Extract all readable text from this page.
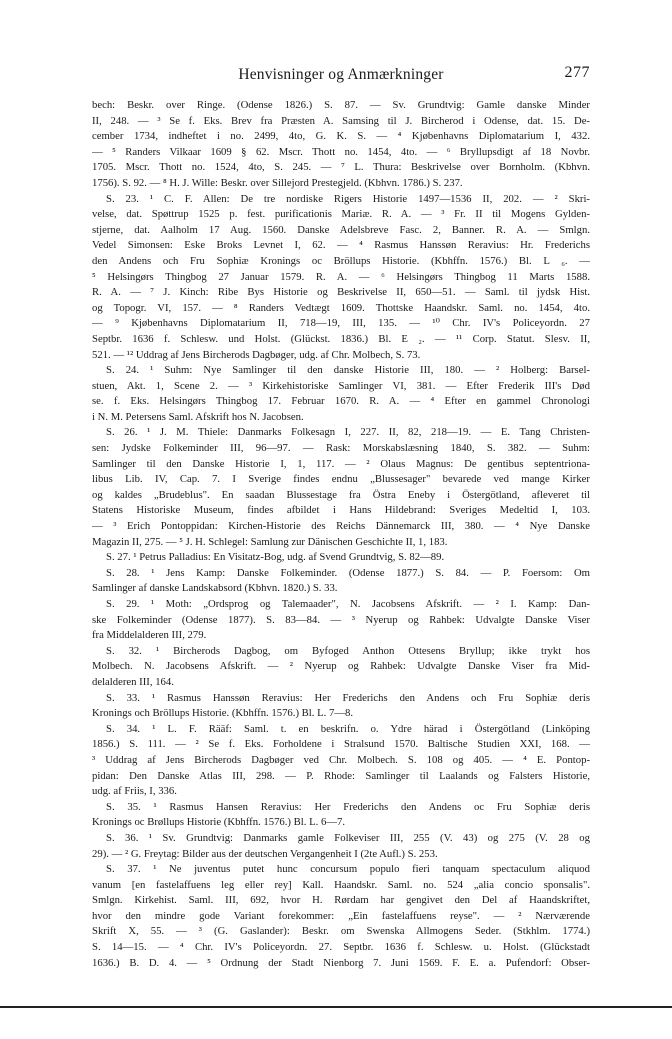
Henvisninger og Anmærkninger	277
bech: Beskr. over Ringe. (Odense 1826.) S. 87. — Sv. Grundtvig: Gamle danske Minder
II, 248. — ³ Se f. Eks. Brev fra Præsten A. Samsing til J. Bircherod i Odense, dat. 15. De-
cember 1734, indheftet i no. 2499, 4to, G. K. S. — ⁴ Kjøbenhavns Diplomatarium I, 432.
— ⁵ Randers Vilkaar 1609 § 62. Mscr. Thott no. 1454, 4to. — ⁶ Bryllupsdigt af 18 Novbr.
1705. Mscr. Thott no. 1524, 4to, S. 245. — ⁷ L. Thura: Beskrivelse over Bornholm. (Kbhvn.
1756). S. 92. — ⁸ H. J. Wille: Beskr. over Sillejord Prestegjeld. (Kbhvn. 1786.) S. 237.
S. 23. ¹ C. F. Allen: De tre nordiske Rigers Historie 1497—1536 II, 202. — ² Skri-
velse, dat. Spøttrup 1525 p. fest. purificationis Mariæ. R. A. — ³ Fr. II til Mogens Gylden-
stjerne, dat. Aalholm 17 Aug. 1560. Danske Adelsbreve Fasc. 2, Banner. R. A. — Smlgn.
Vedel Simonsen: Eske Broks Levnet I, 62. — ⁴ Rasmus Hanssøn Reravius: Hr. Frederichs
den Andens och Fru Sophiæ Kronings oc Bröllups Historie. (Kbhffn. 1576.) Bl. L ₆. —
⁵ Helsingørs Thingbog 27 Januar 1579. R. A. — ⁶ Helsingørs Thingbog 11 Marts 1588.
R. A. — ⁷ J. Kinch: Ribe Bys Historie og Beskrivelse II, 650—51. — Saml. til jydsk Hist.
og Topogr. VI, 157. — ⁸ Randers Vedtægt 1609. Thottske Haandskr. Saml. no. 1454, 4to.
— ⁹ Kjøbenhavns Diplomatarium II, 718—19, III, 135. — ¹⁰ Chr. IV's Policeyordn. 27
Septbr. 1636 f. Schlesw. und Holst. (Glückst. 1836.) Bl. E ₂. — ¹¹ Corp. Statut. Slesv. II,
521. — ¹² Uddrag af Jens Bircherods Dagbøger, udg. af Chr. Molbech, S. 73.
S. 24. ¹ Suhm: Nye Samlinger til den danske Historie III, 180. — ² Holberg: Barsel-
stuen, Akt. 1, Scene 2. — ³ Kirkehistoriske Samlinger VI, 381. — Efter Frederik III's Død
se. f. Eks. Helsingørs Thingbog 17. Februar 1670. R. A. — ⁴ Efter en gammel Chronologi
i N. M. Petersens Saml. Afskrift hos N. Jacobsen.
S. 26. ¹ J. M. Thiele: Danmarks Folkesagn I, 227. II, 82, 218—19. — E. Tang Christen-
sen: Jydske Folkeminder III, 96—97. — Rask: Morskabslæsning 1840, S. 382. — Suhm:
Samlinger til den Danske Historie I, 1, 117. — ² Olaus Magnus: De gentibus septentriona-
libus Lib. IV, Cap. 7. I Sverige findes endnu „Blussesager" bevarede ved mange Kirker
og kaldes „Brudeblus". En saadan Blussestage fra Östra Eneby i Östergötland, afleveret til
Statens Historiske Museum, findes afbildet i Hans Hildebrand: Sveriges Medeltid I, 103.
— ³ Erich Pontoppidan: Kirchen-Historie des Reichs Dännemarck III, 380. — ⁴ Nye Danske
Magazin II, 275. — ⁵ J. H. Schlegel: Samlung zur Dänischen Geschichte II, 1, 183.
S. 27. ¹ Petrus Palladius: En Visitatz-Bog, udg. af Svend Grundtvig, S. 82—89.
S. 28. ¹ Jens Kamp: Danske Folkeminder. (Odense 1877.) S. 84. — P. Foersom: Om
Samlinger af danske Landskabsord (Kbhvn. 1820.) S. 33.
S. 29. ¹ Moth: „Ordsprog og Talemaader", N. Jacobsens Afskrift. — ² I. Kamp: Dan-
ske Folkeminder (Odense 1877). S. 83—84. — ³ Nyerup og Rahbek: Udvalgte Danske Viser
fra Middelalderen III, 279.
S. 32. ¹ Bircherods Dagbog, om Byfoged Anthon Ottesens Bryllup; ikke trykt hos
Molbech. N. Jacobsens Afskrift. — ² Nyerup og Rahbek: Udvalgte Danske Viser fra Mid-
delalderen III, 164.
S. 33. ¹ Rasmus Hanssøn Reravius: Her Frederichs den Andens och Fru Sophiæ deris
Kronings och Bröllups Historie. (Kbhffn. 1576.) Bl. L. 7—8.
S. 34. ¹ L. F. Rääf: Saml. t. en beskrifn. o. Ydre härad i Östergötland (Linköping
1856.) S. 111. — ² Se f. Eks. Forholdene i Stralsund 1570. Baltische Studien XXI, 168. —
³ Uddrag af Jens Bircherods Dagbøger ved Chr. Molbech. S. 108 og 405. — ⁴ E. Pontop-
pidan: Den Danske Atlas III, 298. — P. Rhode: Samlinger til Laalands og Falsters Historie,
udg. af Friis, I, 336.
S. 35. ¹ Rasmus Hansen Reravius: Her Frederichs den Andens oc Fru Sophiæ deris
Kronings oc Brøllups Historie (Kbhffn. 1576.) Bl. L. 6—7.
S. 36. ¹ Sv. Grundtvig: Danmarks gamle Folkeviser III, 255 (V. 43) og 275 (V. 28 og
29). — ² G. Freytag: Bilder aus der deutschen Vergangenheit I (2te Aufl.) S. 253.
S. 37. ¹ Ne juventus putet hunc concursum populo fieri tanquam spectaculum aliquod
vanum [en fastelaffuens leg eller rey] Kall. Haandskr. Saml. no. 524 „alia concio sponsalis".
Smlgn. Kirkehist. Saml. III, 692, hvor H. Rørdam har gengivet den Del af Haandskriftet,
hvor den mindre gode Variant forekommer: „Ein fastelaffuens reyse". — ² Nærværende
Skrift X, 55. — ³ (G. Gaslander): Beskr. om Swenska Allmogens Seder. (Stkhlm. 1774.)
S. 14—15. — ⁴ Chr. IV's Policeyordn. 27. Septbr. 1636 f. Schlesw. u. Holst. (Glückstadt
1636.) B. D. 4. — ⁵ Ordnung der Stadt Nienborg 7. Juni 1569. F. E. a. Pufendorf: Obser-
